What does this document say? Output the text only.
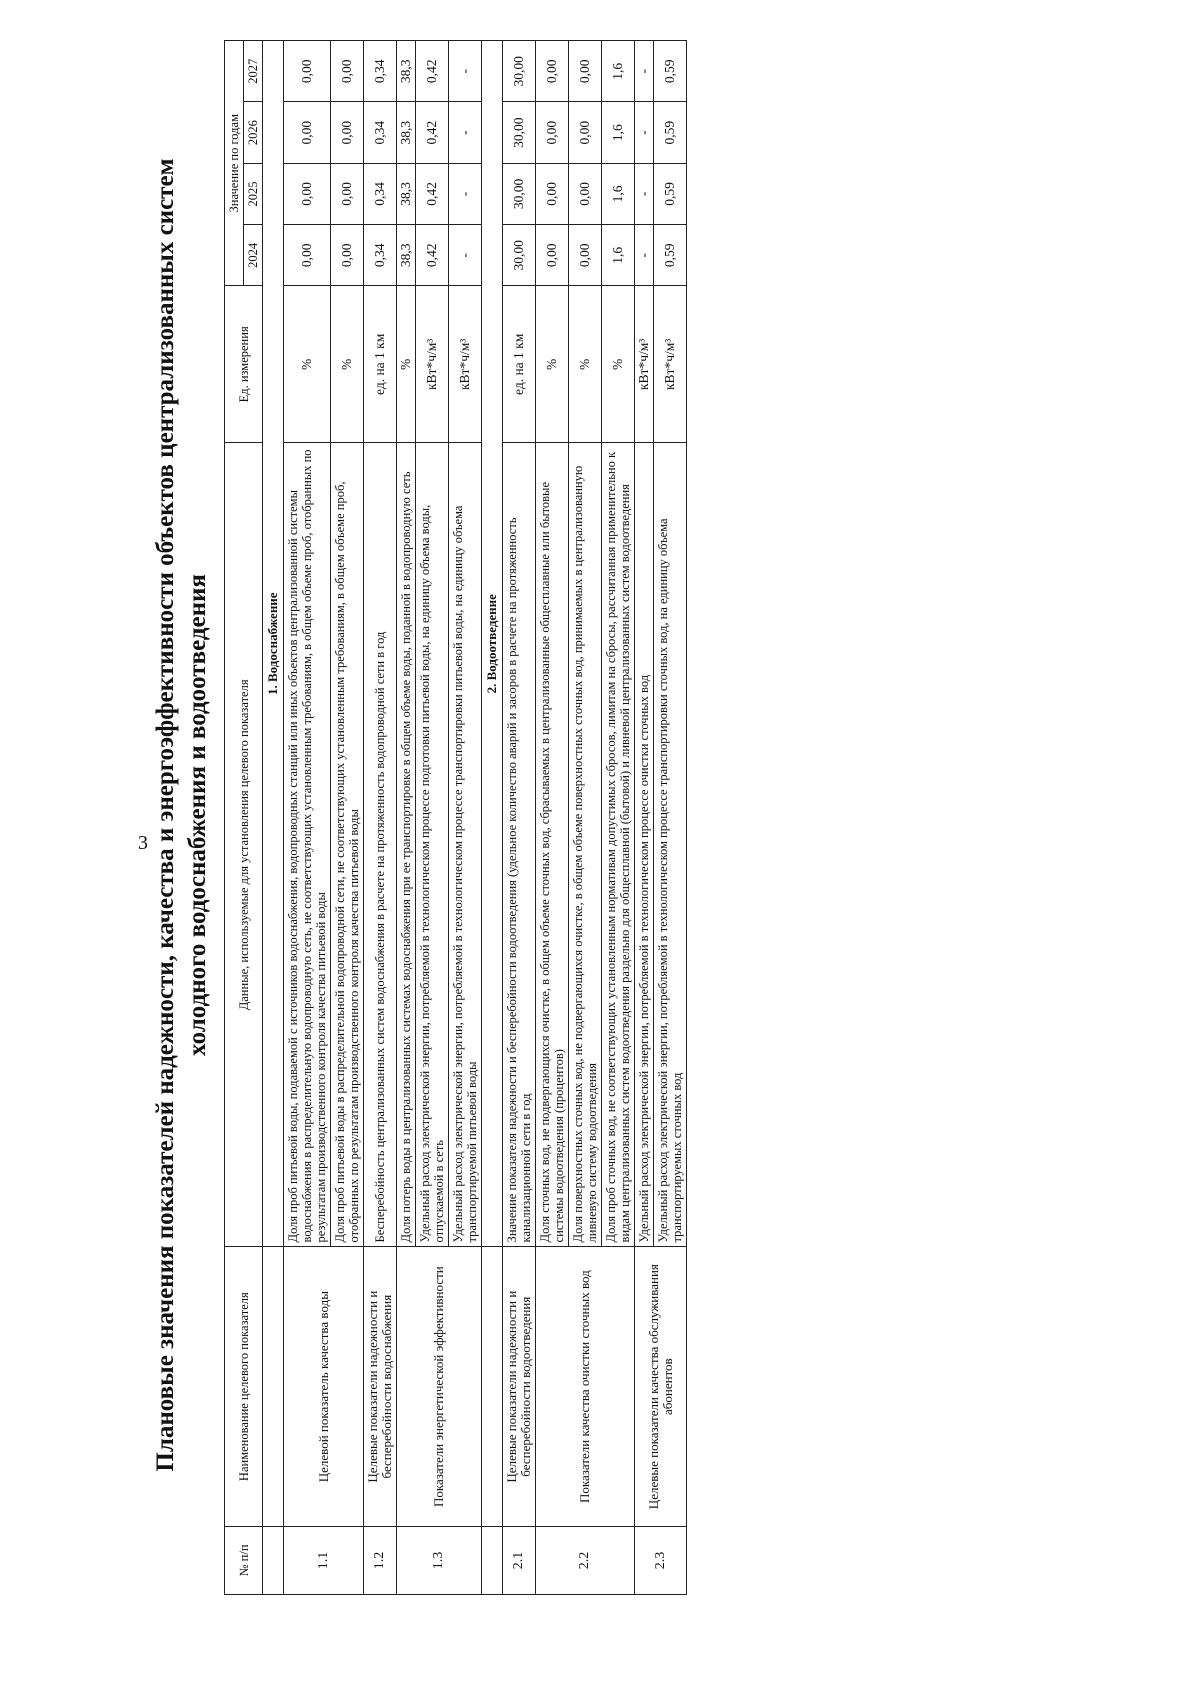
3 Плановые значения показателей надежности, качества и энергоэффективности объектов централизованных систем холодного водоснабжения и водоотведения
№ п/п	Наименование целевого показателя	Данные, используемые для установления целевого показателя	Ед. измерения	Значение по годам			
				2024	2025	2026	2027
		1. Водоснабжение					
1.1	Целевой показатель качества воды	Доля проб питьевой воды, подаваемой с источников водоснабжения, водопроводных станций или иных объектов централизованной системы водоснабжения в распределительную водопроводную сеть, не соответствующих установленным требованиям, в общем объеме проб, отобранных по результатам производственного контроля качества питьевой воды	%	0,00	0,00	0,00	0,00
		Доля проб питьевой воды в распределительной водопроводной сети, не соответствующих установленным требованиям, в общем объеме проб, отобранных по результатам производственного контроля качества питьевой воды	%	0,00	0,00	0,00	0,00
1.2	Целевые показатели надежности и бесперебойности водоснабжения	Бесперебойность централизованных систем водоснабжения в расчете на протяженность водопроводной сети в год	ед. на 1 км	0,34	0,34	0,34	0,34
1.3	Показатели энергетической эффективности	Доля потерь воды в централизованных системах водоснабжения при ее транспортировке в общем объеме воды, поданной в водопроводную сеть	%	38,3	38,3	38,3	38,3
		Удельный расход электрической энергии, потребляемой в технологическом процессе подготовки питьевой воды, на единицу объема воды, отпускаемой в сеть	кВт*ч/м³	0,42	0,42	0,42	0,42
		Удельный расход электрической энергии, потребляемой в технологическом процессе транспортировки питьевой воды, на единицу объема транспортируемой питьевой воды	кВт*ч/м³	-	-	-	-
		2. Водоотведение					
2.1	Целевые показатели надежности и бесперебойности водоотведения	Значение показателя надежности и бесперебойности водоотведения (удельное количество аварий и засоров в расчете на протяженность канализационной сети в год	ед. на 1 км	30,00	30,00	30,00	30,00
2.2	Показатели качества очистки сточных вод	Доля сточных вод, не подвергающихся очистке, в общем объеме сточных вод, сбрасываемых в централизованные общесплавные или бытовые системы водоотведения (процентов)	%	0,00	0,00	0,00	0,00
		Доля поверхностных сточных вод, не подвергающихся очистке, в общем объеме поверхностных сточных вод, принимаемых в централизованную ливневую систему водоотведения	%	0,00	0,00	0,00	0,00
		Доля проб сточных вод, не соответствующих установленным нормативам допустимых сбросов, лимитам на сбросы, рассчитанная применительно к видам централизованных систем водоотведения раздельно для общесплавной (бытовой) и ливневой централизованных систем водоотведения	%	1,6	1,6	1,6	1,6
2.3	Целевые показатели качества обслуживания абонентов	Удельный расход электрической энергии, потребляемой в технологическом процессе очистки сточных вод	кВт*ч/м³	-	-	-	-
		Удельный расход электрической энергии, потребляемой в технологическом процессе транспортировки сточных вод, на единицу объема транспортируемых сточных вод	кВт*ч/м³	0,59	0,59	0,59	0,59
